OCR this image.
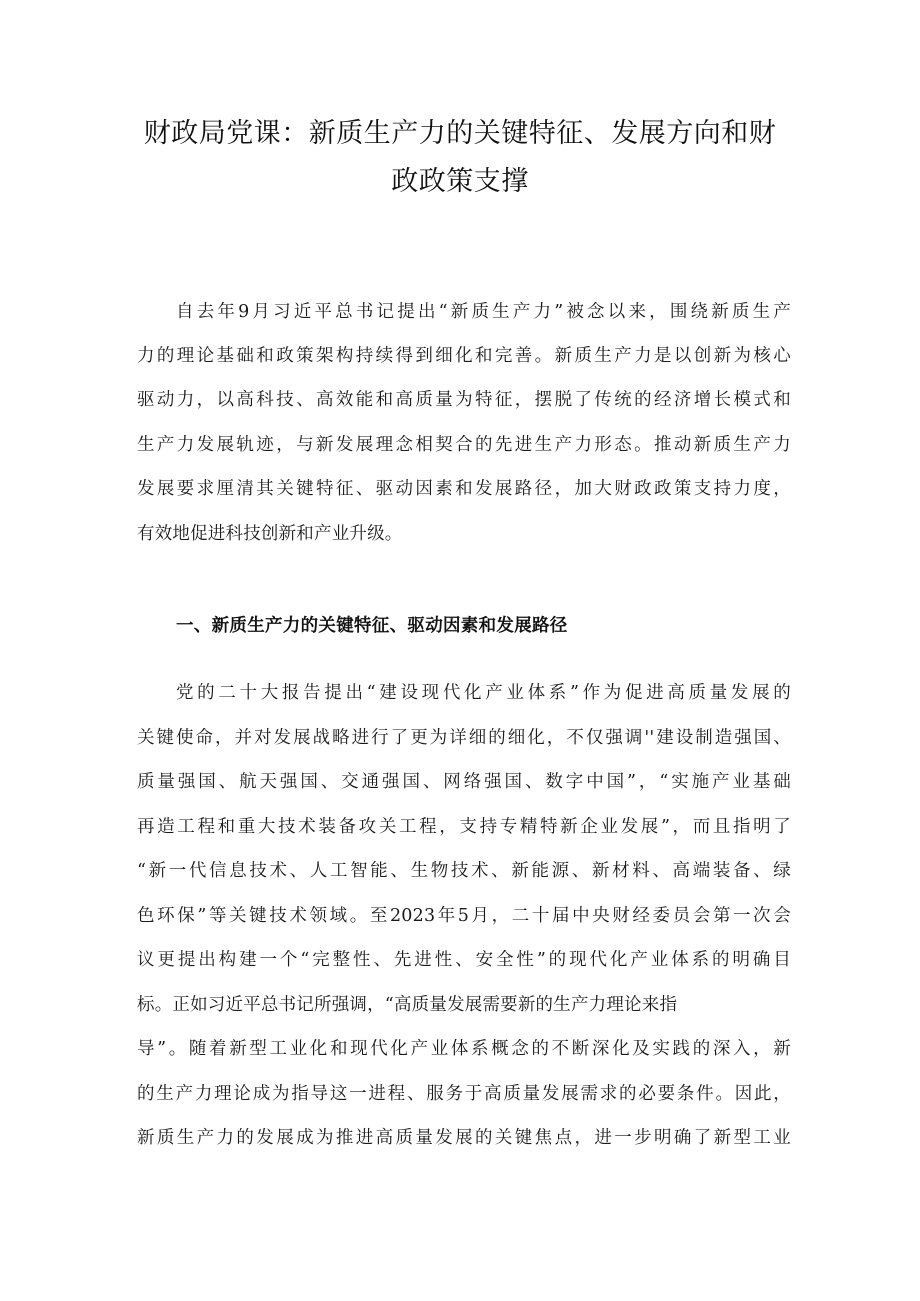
财政局党课：新质生产力的关键特征、发展方向和财
政政策支撑
自去年9月习近平总书记提出“新质生产力”被念以来，围绕新质生产
力的理论基础和政策架构持续得到细化和完善。新质生产力是以创新为核心
驱动力，以高科技、高效能和高质量为特征，摆脱了传统的经济增长模式和
生产力发展轨迹，与新发展理念相契合的先进生产力形态。推动新质生产力
发展要求厘清其关键特征、驱动因素和发展路径，加大财政政策支持力度，
有效地促进科技创新和产业升级。
一、新质生产力的关键特征、驱动因素和发展路径
党的二十大报告提出“建设现代化产业体系”作为促进高质量发展的
关键使命，并对发展战略进行了更为详细的细化，不仅强调''建设制造强国、
质量强国、航天强国、交通强国、网络强国、数字中国”，“实施产业基础
再造工程和重大技术装备攻关工程，支持专精特新企业发展”，而且指明了
“新一代信息技术、人工智能、生物技术、新能源、新材料、高端装备、绿
色环保”等关键技术领域。至2023年5月，二十届中央财经委员会第一次会
议更提出构建一个“完整性、先进性、安全性”的现代化产业体系的明确目
标。正如习近平总书记所强调，“高质量发展需要新的生产力理论来指
导”。随着新型工业化和现代化产业体系概念的不断深化及实践的深入，新
的生产力理论成为指导这一进程、服务于高质量发展需求的必要条件。因此，
新质生产力的发展成为推进高质量发展的关键焦点，进一步明确了新型工业
